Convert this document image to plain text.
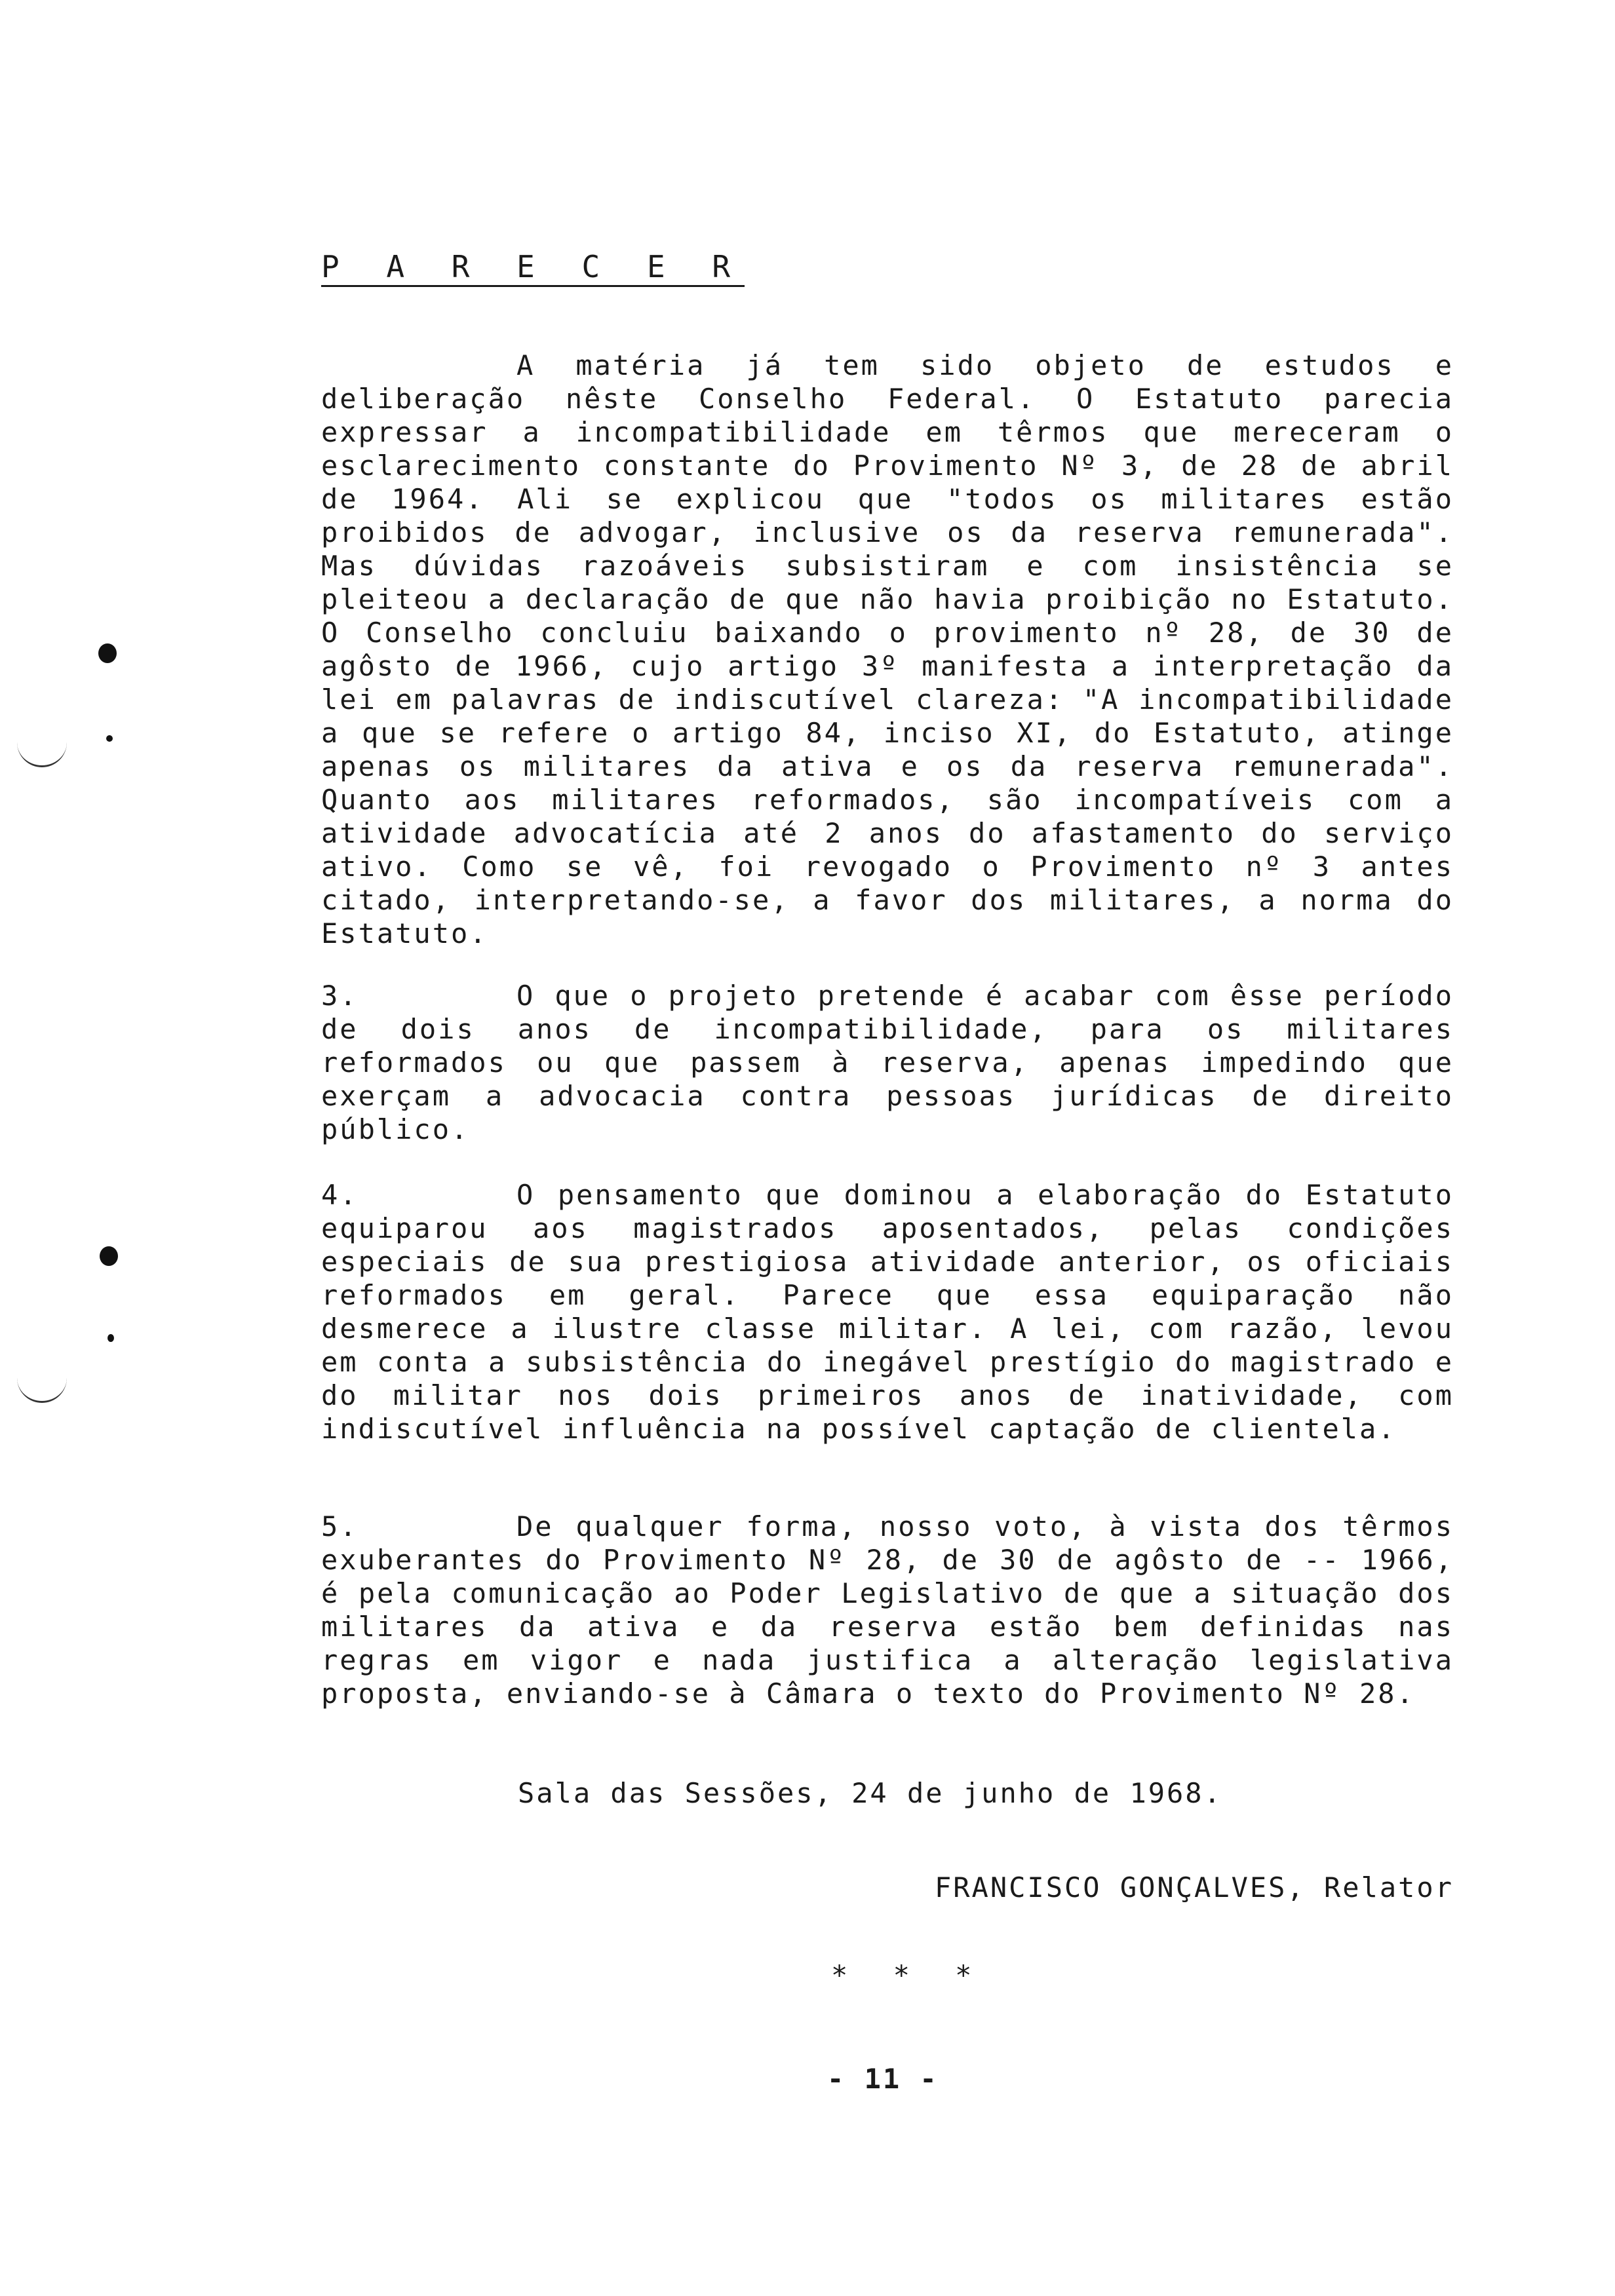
P A R E C E R

A matéria já tem sido objeto de estudos e deliberação nêste Conselho Federal. O Estatuto parecia expressar a incompatibilidade em têrmos que mereceram o esclarecimento constante do Provimento Nº 3, de 28 de abril de 1964. Ali se explicou que "todos os militares estão proibidos de advogar, inclusive os da reserva remunerada". Mas dúvidas razoáveis subsistiram e com insistência se pleiteou a declaração de que não havia proibição no Estatuto. O Conselho concluiu baixando o provimento nº 28, de 30 de agôsto de 1966, cujo artigo 3º manifesta a interpretação da lei em palavras de indiscutível clareza: "A incompatibilidade a que se refere o artigo 84, inciso XI, do Estatuto, atinge apenas os militares da ativa e os da reserva remunerada". Quanto aos militares reformados, são incompatíveis com a atividade advocatícia até 2 anos do afastamento do serviço ativo. Como se vê, foi revogado o Provimento nº 3 antes citado, interpretando-se, a favor dos militares, a norma do Estatuto.

3.	O que o projeto pretende é acabar com êsse período de dois anos de incompatibilidade, para os militares reformados ou que passem à reserva, apenas impedindo que exerçam a advocacia contra pessoas jurídicas de direito público.

4.	O pensamento que dominou a elaboração do Estatuto equiparou aos magistrados aposentados, pelas condições especiais de sua prestigiosa atividade anterior, os oficiais reformados em geral. Parece que essa equiparação não desmerece a ilustre classe militar. A lei, com razão, levou em conta a subsistência do inegável prestígio do magistrado e do militar nos dois primeiros anos de inatividade, com indiscutível influência na possível captação de clientela.

5.	De qualquer forma, nosso voto, à vista dos têrmos exuberantes do Provimento Nº 28, de 30 de agôsto de -- 1966, é pela comunicação ao Poder Legislativo de que a situação dos militares da ativa e da reserva estão bem definidas nas regras em vigor e nada justifica a alteração legislativa proposta, enviando-se à Câmara o texto do Provimento Nº 28.

Sala das Sessões, 24 de junho de 1968.

FRANCISCO GONÇALVES, Relator

* * *

- 11 -
